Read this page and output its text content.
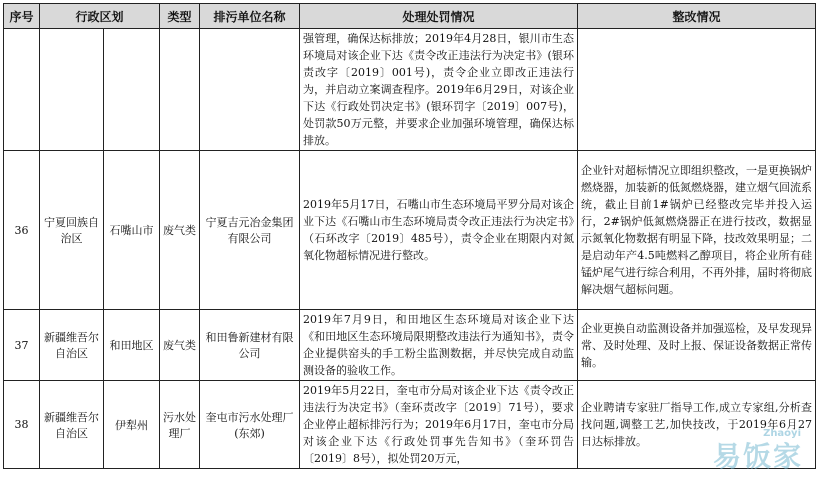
序号	行政区划		类型	排污单位名称	处理处罚情况	整改情况
					强管理，确保达标排放；2019年4月28日，银川市生态环境局对该企业下达《责令改正违法行为决定书》(银环责改字〔2019〕001号)，责令企业立即改正违法行为，并启动立案调查程序。2019年6月29日，对该企业下达《行政处罚决定书》(银环罚字〔2019〕007号)，处罚款50万元整，并要求企业加强环境管理，确保达标排放。	
36	宁夏回族自治区	石嘴山市	废气类	宁夏吉元冶金集团有限公司	2019年5月17日，石嘴山市生态环境局平罗分局对该企业下达《石嘴山市生态环境局责令改正违法行为决定书》（石环改字〔2019〕485号），责令企业在期限内对氮氧化物超标情况进行整改。	企业针对超标情况立即组织整改，一是更换锅炉燃烧器，加装新的低氮燃烧器，建立烟气回流系统，截止目前1#锅炉已经整改完毕并投入运行，2#锅炉低氮燃烧器正在进行技改，数据显示氮氧化物数据有明显下降，技改效果明显；二是启动年产4.5吨燃料乙醇项目，将企业所有硅锰炉尾气进行综合利用，不再外排，届时将彻底解决烟气超标问题。
37	新疆维吾尔自治区	和田地区	废气类	和田鲁新建材有限公司	2019年7月9日，和田地区生态环境局对该企业下达《和田地区生态环境局限期整改违法行为通知书》，责令企业提供窑头的手工粉尘监测数据，并尽快完成自动监测设备的验收工作。	企业更换自动监测设备并加强巡检，及早发现异常、及时处理、及时上报、保证设备数据正常传输。
38	新疆维吾尔自治区	伊犁州	污水处理厂	奎屯市污水处理厂(东郊)	2019年5月22日，奎屯市分局对该企业下达《责令改正违法行为决定书》（奎环责改字〔2019〕71号），要求企业停止超标排污行为；2019年6月17日，奎屯市分局对该企业下达《行政处罚事先告知书》（奎环罚告〔2019〕8号），拟处罚20万元，	企业聘请专家驻厂指导工作,成立专家组,分析查找问题,调整工艺,加快技改，于2019年6月27日达标排放。
Zhaoyi
易饭家
